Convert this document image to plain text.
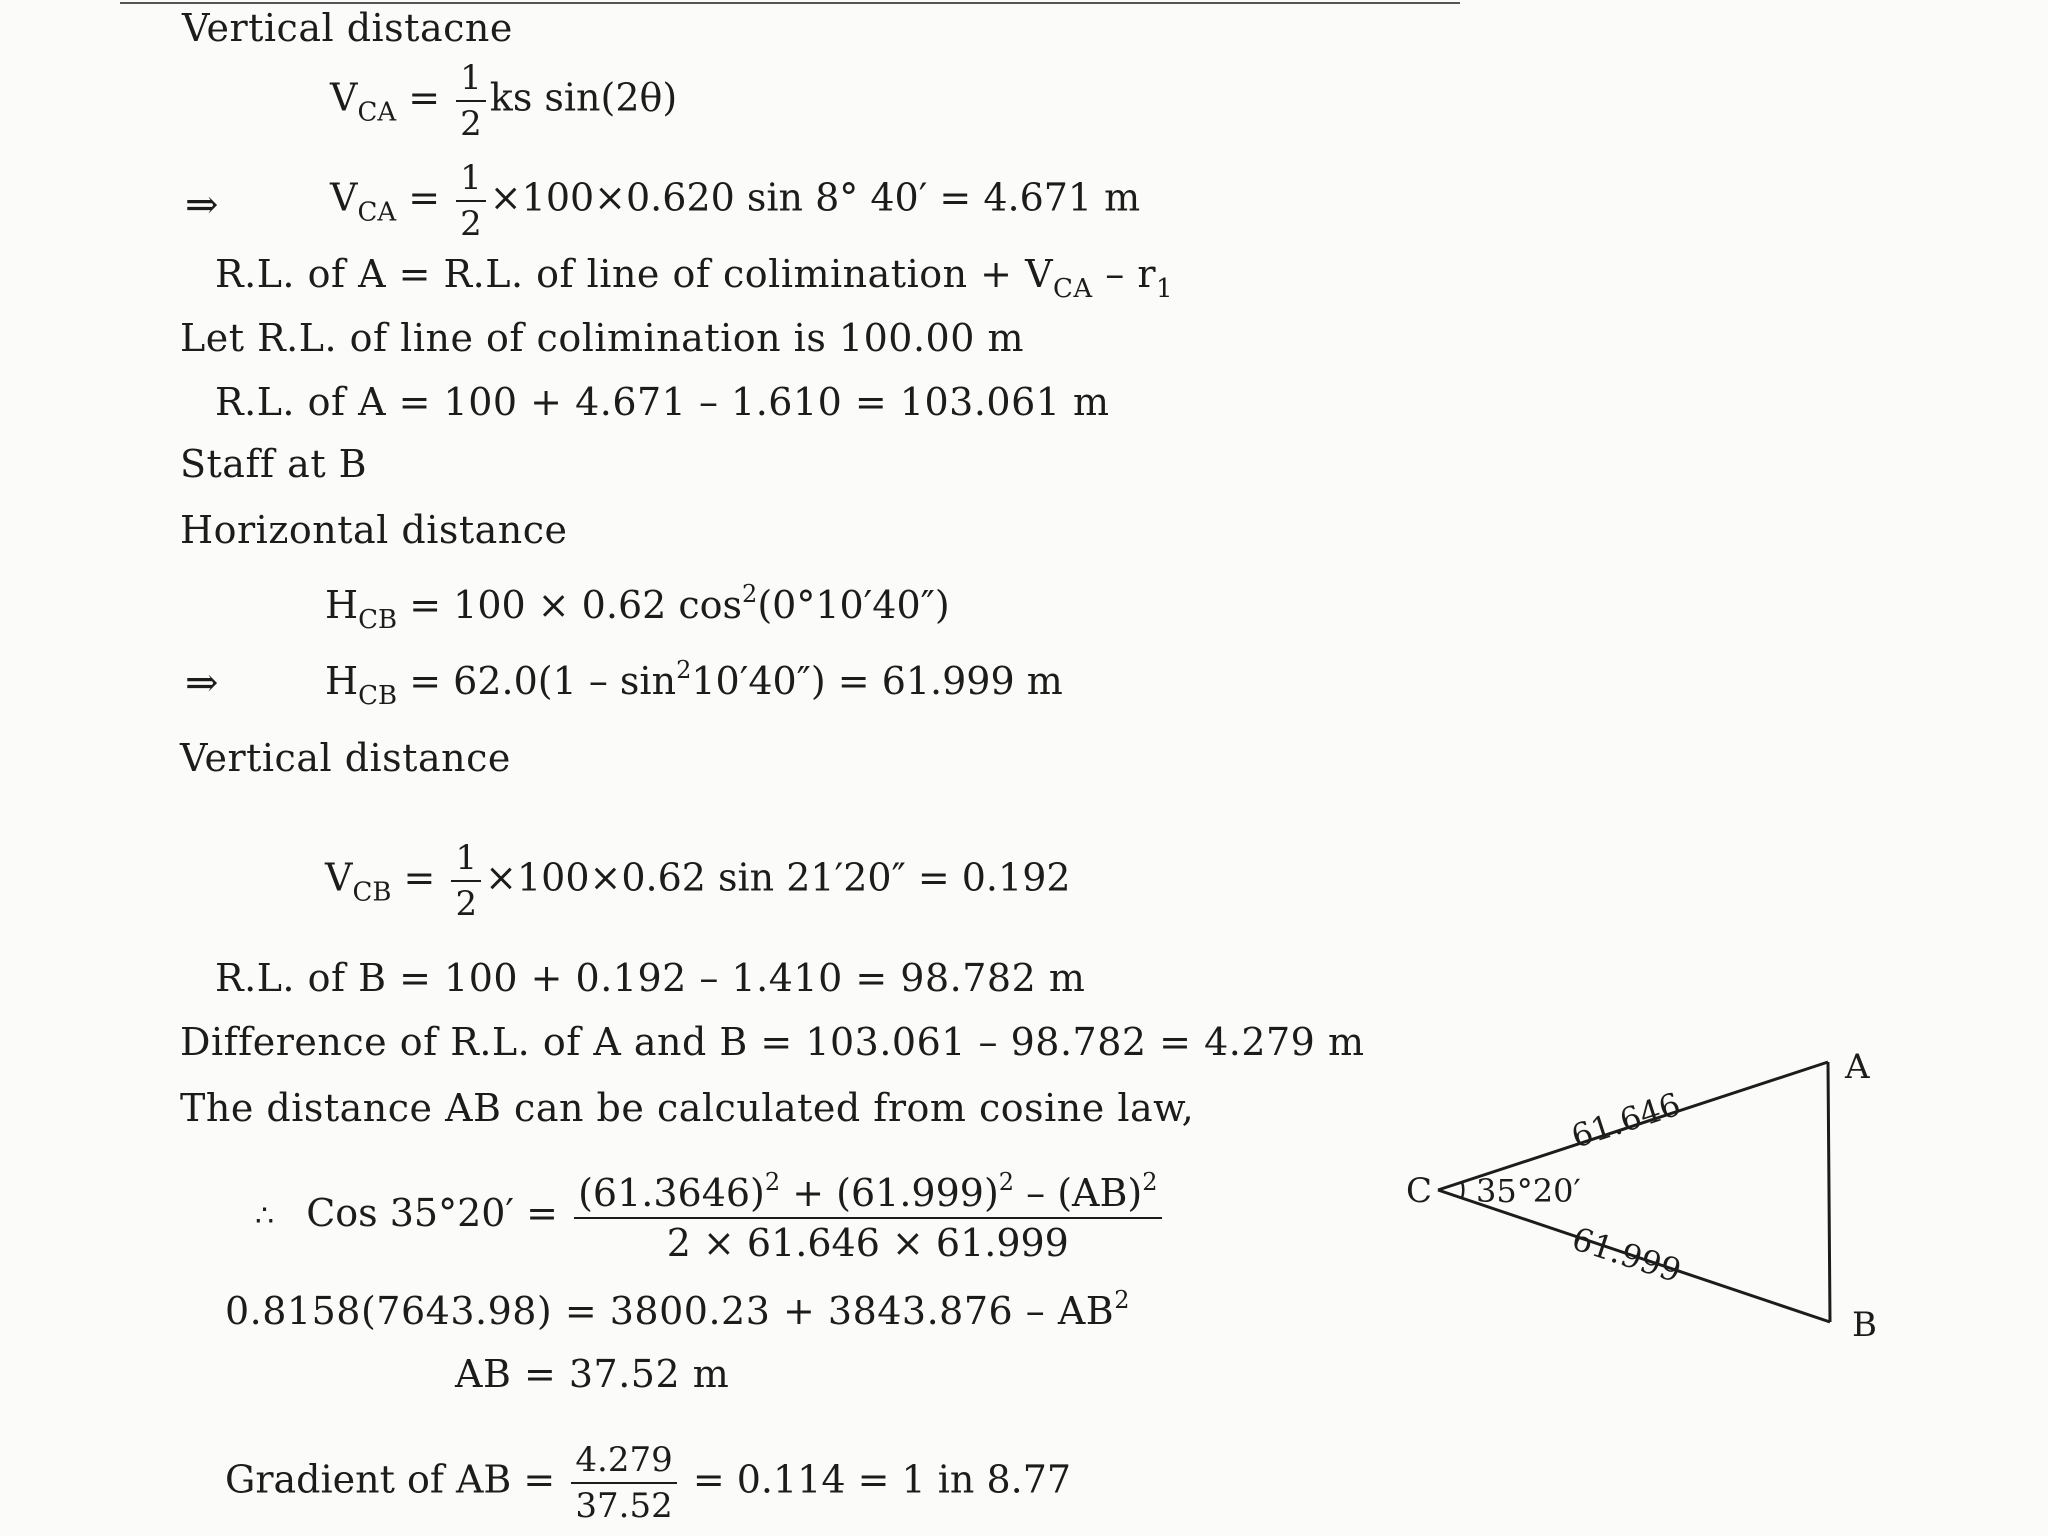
Vertical distacne
$V_{CA} = \frac{1}{2}$ ks sin(2θ)
⇒	$V_{CA} = \frac{1}{2} \times 100\times 0.620$ sin 8° 40′ = 4.671 m
R.L. of A = R.L. of line of colimination + $V_{CA} - r_1$
Let R.L. of line of colimination is 100.00 m
R.L. of A = 100 + 4.671 – 1.610 = 103.061 m
Staff at B
Horizontal distance
$H_{CB} = 100 \times 0.62$ $\cos^2(0^\circ 10'40'')$
⇒	$H_{CB} = 62.0(1 - \sin^210'40'') = 61.999$ m
Vertical distance
$V_{CB} = \frac{1}{2} \times 100\times 0.62$ sin 21′20″ = 0.192
R.L. of B = 100 + 0.192 – 1.410 = 98.782 m
Difference of R.L. of A and B = 103.061 – 98.782 = 4.279 m
The distance AB can be calculated from cosine law,
∴ Cos $35^\circ 20' = \frac{(61.3646)^2 + (61.999)^2 - (AB)^2}{2 \times 61.646 \times 61.999}$
$0.8158(7643.98) = 3800.23 + 3843.876 - AB^2$
AB = 37.52 m
Gradient of AB = $\frac{4.279}{37.52} = 0.114 = 1$ in 8.77
C
A
B
35°20′
61.646
61.999
